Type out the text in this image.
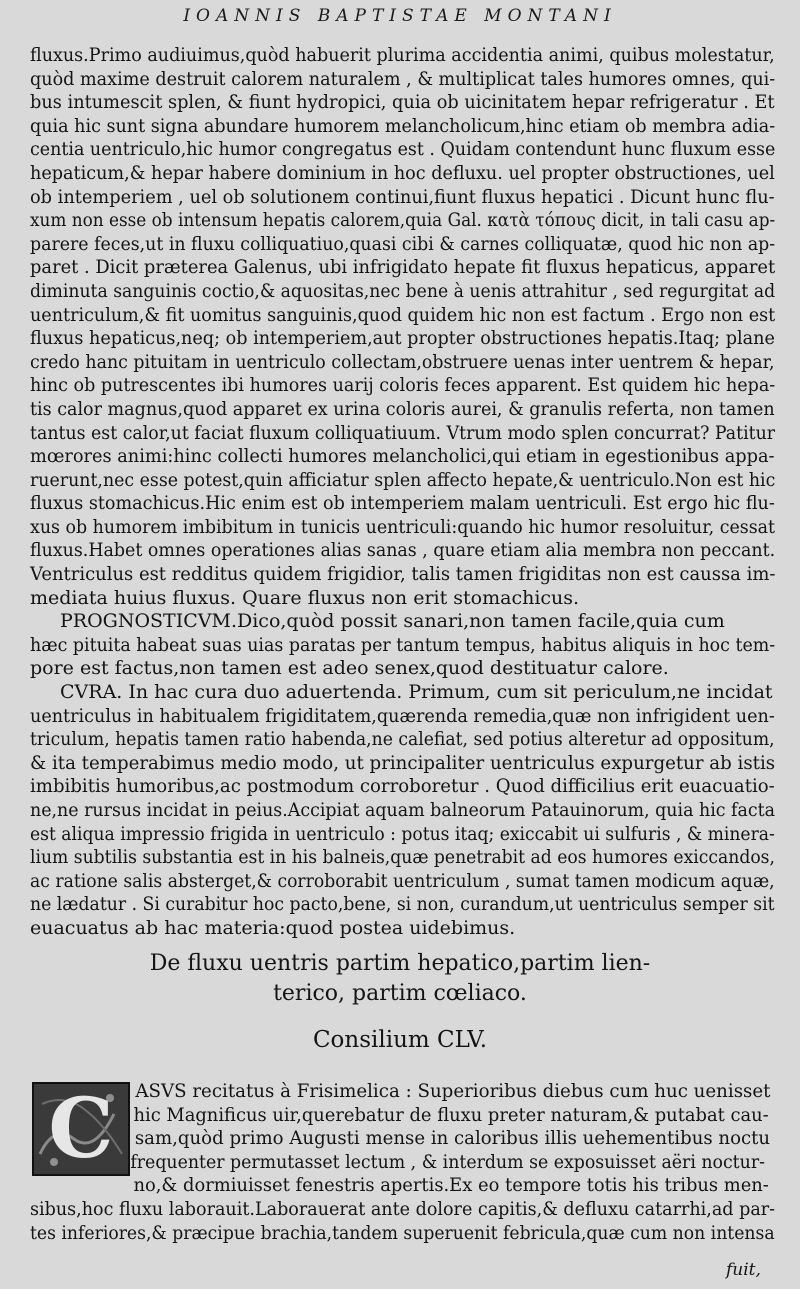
IOANNIS BAPTISTAE MONTANI
fluxus.Primo audiuimus,quòd habuerit plurima accidentia animi, quibus molestatur,
quòd maxime destruit calorem naturalem , & multiplicat tales humores omnes, qui-
bus intumescit splen, & fiunt hydropici, quia ob uicinitatem hepar refrigeratur . Et
quia hic sunt signa abundare humorem melancholicum,hinc etiam ob membra adia-
centia uentriculo,hic humor congregatus est . Quidam contendunt hunc fluxum esse
hepaticum,& hepar habere dominium in hoc defluxu. uel propter obstructiones, uel
ob intemperiem , uel ob solutionem continui,fiunt fluxus hepatici . Dicunt hunc flu-
xum non esse ob intensum hepatis calorem,quia Gal. κατὰ τόπους dicit, in tali casu ap-
parere feces,ut in fluxu colliquatiuo,quasi cibi & carnes colliquatæ, quod hic non ap-
paret . Dicit præterea Galenus, ubi infrigidato hepate fit fluxus hepaticus, apparet
diminuta sanguinis coctio,& aquositas,nec bene à uenis attrahitur , sed regurgitat ad
uentriculum,& fit uomitus sanguinis,quod quidem hic non est factum . Ergo non est
fluxus hepaticus,neq; ob intemperiem,aut propter obstructiones hepatis.Itaq; plane
credo hanc pituitam in uentriculo collectam,obstruere uenas inter uentrem & hepar,
hinc ob putrescentes ibi humores uarij coloris feces apparent. Est quidem hic hepa-
tis calor magnus,quod apparet ex urina coloris aurei, & granulis referta, non tamen
tantus est calor,ut faciat fluxum colliquatiuum. Vtrum modo splen concurrat? Patitur
mœrores animi:hinc collecti humores melancholici,qui etiam in egestionibus appa-
ruerunt,nec esse potest,quin afficiatur splen affecto hepate,& uentriculo.Non est hic
fluxus stomachicus.Hic enim est ob intemperiem malam uentriculi. Est ergo hic flu-
xus ob humorem imbibitum in tunicis uentriculi:quando hic humor resoluitur, cessat
fluxus.Habet omnes operationes alias sanas , quare etiam alia membra non peccant.
Ventriculus est redditus quidem frigidior, talis tamen frigiditas non est caussa im-
mediata huius fluxus. Quare fluxus non erit stomachicus.
PROGNOSTICVM.Dico,quòd possit sanari,non tamen facile,quia cum
hæc pituita habeat suas uias paratas per tantum tempus, habitus aliquis in hoc tem-
pore est factus,non tamen est adeo senex,quod destituatur calore.
CVRA. In hac cura duo aduertenda. Primum, cum sit periculum,ne incidat
uentriculus in habitualem frigiditatem,quærenda remedia,quæ non infrigident uen-
triculum, hepatis tamen ratio habenda,ne calefiat, sed potius alteretur ad oppositum,
& ita temperabimus medio modo, ut principaliter uentriculus expurgetur ab istis
imbibitis humoribus,ac postmodum corroboretur . Quod difficilius erit euacuatio-
ne,ne rursus incidat in peius.Accipiat aquam balneorum Patauinorum, quia hic facta
est aliqua impressio frigida in uentriculo : potus itaq; exiccabit ui sulfuris , & minera-
lium subtilis substantia est in his balneis,quæ penetrabit ad eos humores exiccandos,
ac ratione salis absterget,& corroborabit uentriculum , sumat tamen modicum aquæ,
ne lædatur . Si curabitur hoc pacto,bene, si non, curandum,ut uentriculus semper sit
euacuatus ab hac materia:quod postea uidebimus.
De fluxu uentris partim hepatico,partim lien-
terico, partim cœliaco.
Consilium CLV.
C	ASVS recitatus à Frisimelica : Superioribus diebus cum huc uenisset
hic Magnificus uir,querebatur de fluxu preter naturam,& putabat cau-
sam,quòd primo Augusti mense in caloribus illis uehementibus noctu
frequenter permutasset lectum , & interdum se exposuisset aëri noctur-
no,& dormiuisset fenestris apertis.Ex eo tempore totis his tribus men-
sibus,hoc fluxu laborauit.Laborauerat ante dolore capitis,& defluxu catarrhi,ad par-
tes inferiores,& præcipue brachia,tandem superuenit febricula,quæ cum non intensa
fuit,
